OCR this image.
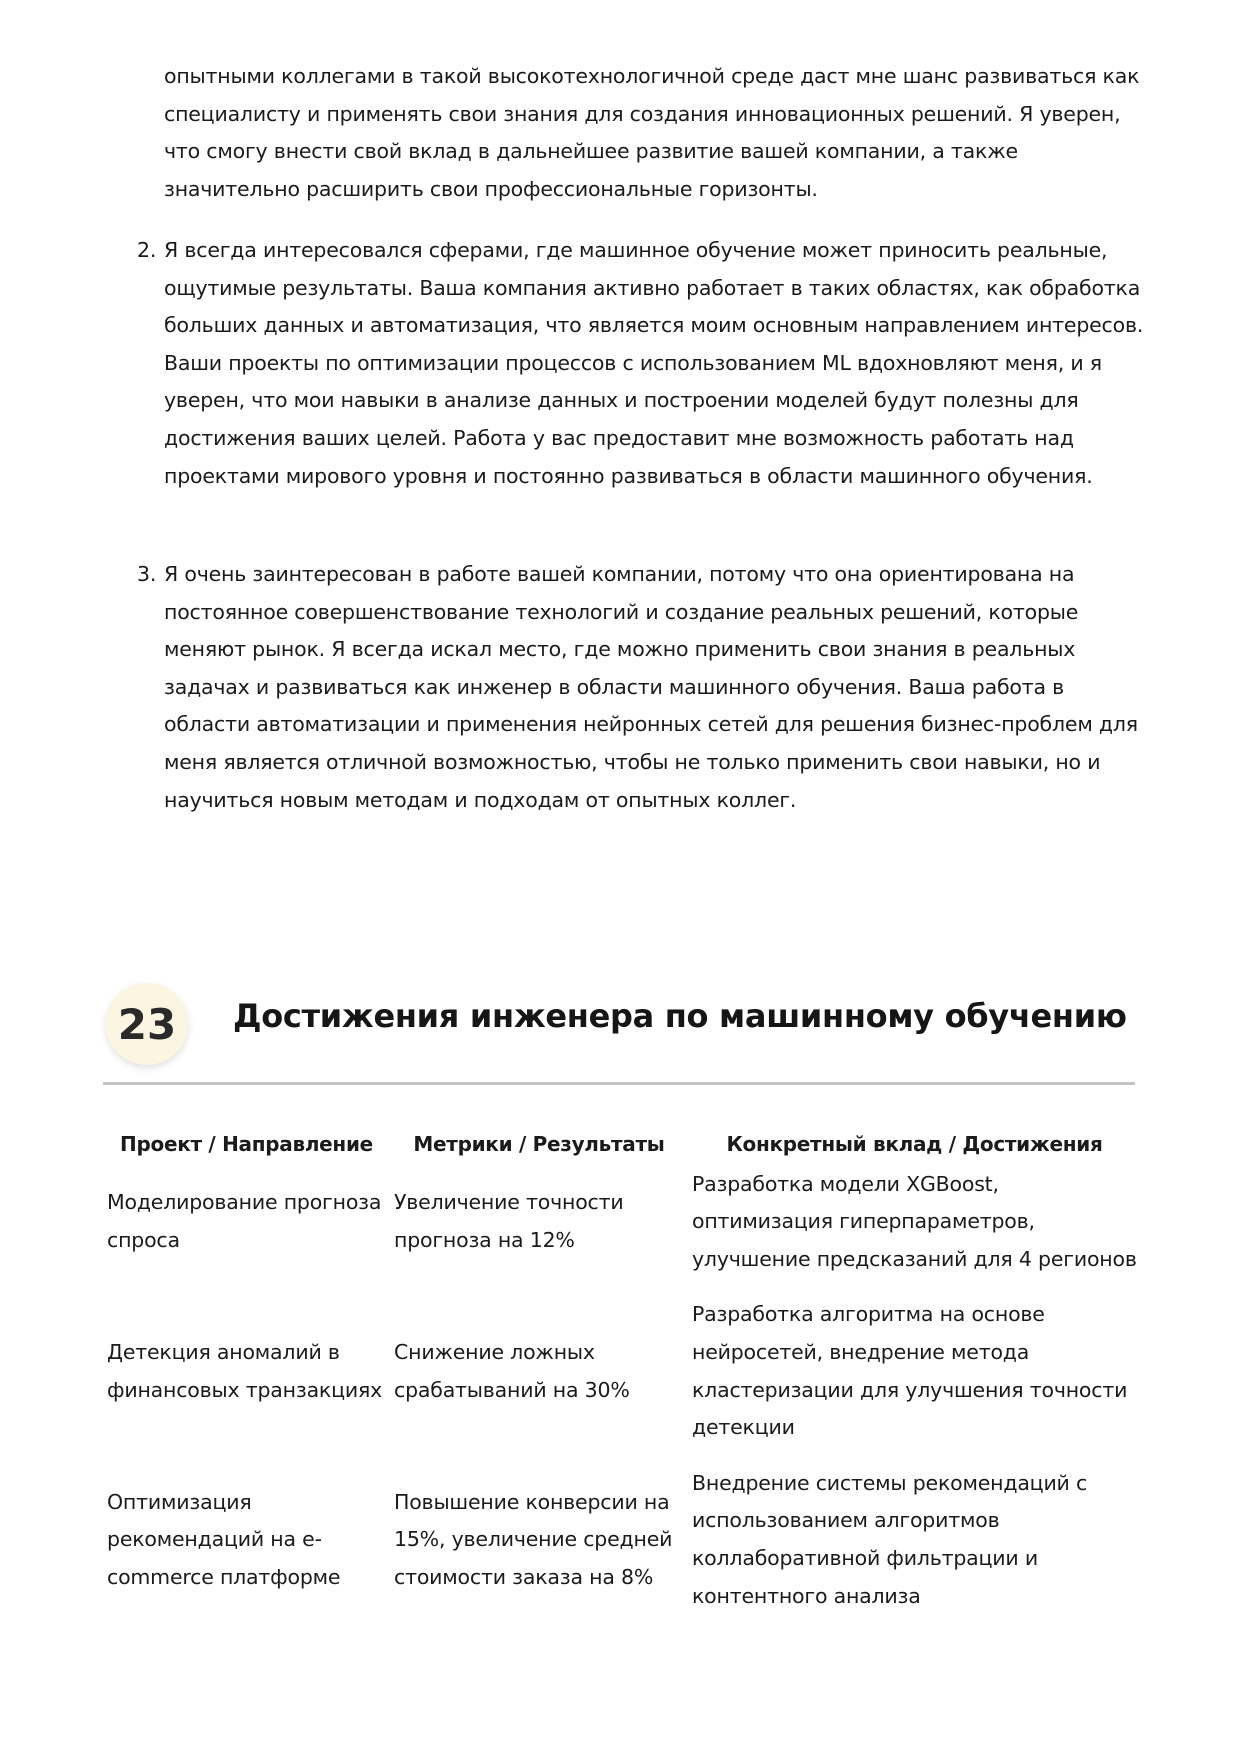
опытными коллегами в такой высокотехнологичной среде даст мне шанс развиваться как специалисту и применять свои знания для создания инновационных решений. Я уверен, что смогу внести свой вклад в дальнейшее развитие вашей компании, а также значительно расширить свои профессиональные горизонты.

2. Я всегда интересовался сферами, где машинное обучение может приносить реальные, ощутимые результаты. Ваша компания активно работает в таких областях, как обработка больших данных и автоматизация, что является моим основным направлением интересов. Ваши проекты по оптимизации процессов с использованием ML вдохновляют меня, и я уверен, что мои навыки в анализе данных и построении моделей будут полезны для достижения ваших целей. Работа у вас предоставит мне возможность работать над проектами мирового уровня и постоянно развиваться в области машинного обучения.

3. Я очень заинтересован в работе вашей компании, потому что она ориентирована на постоянное совершенствование технологий и создание реальных решений, которые меняют рынок. Я всегда искал место, где можно применить свои знания в реальных задачах и развиваться как инженер в области машинного обучения. Ваша работа в области автоматизации и применения нейронных сетей для решения бизнес-проблем для меня является отличной возможностью, чтобы не только применить свои навыки, но и научиться новым методам и подходам от опытных коллег.

23	Достижения инженера по машинному обучению
Проект / Направление	Метрики / Результаты	Конкретный вклад / Достижения
Моделирование прогноза спроса	Увеличение точности прогноза на 12%	Разработка модели XGBoost, оптимизация гиперпараметров, улучшение предсказаний для 4 регионов
Детекция аномалий в финансовых транзакциях	Снижение ложных срабатываний на 30%	Разработка алгоритма на основе нейросетей, внедрение метода кластеризации для улучшения точности детекции
Оптимизация рекомендаций на e-commerce платформе	Повышение конверсии на 15%, увеличение средней стоимости заказа на 8%	Внедрение системы рекомендаций с использованием алгоритмов коллаборативной фильтрации и контентного анализа
